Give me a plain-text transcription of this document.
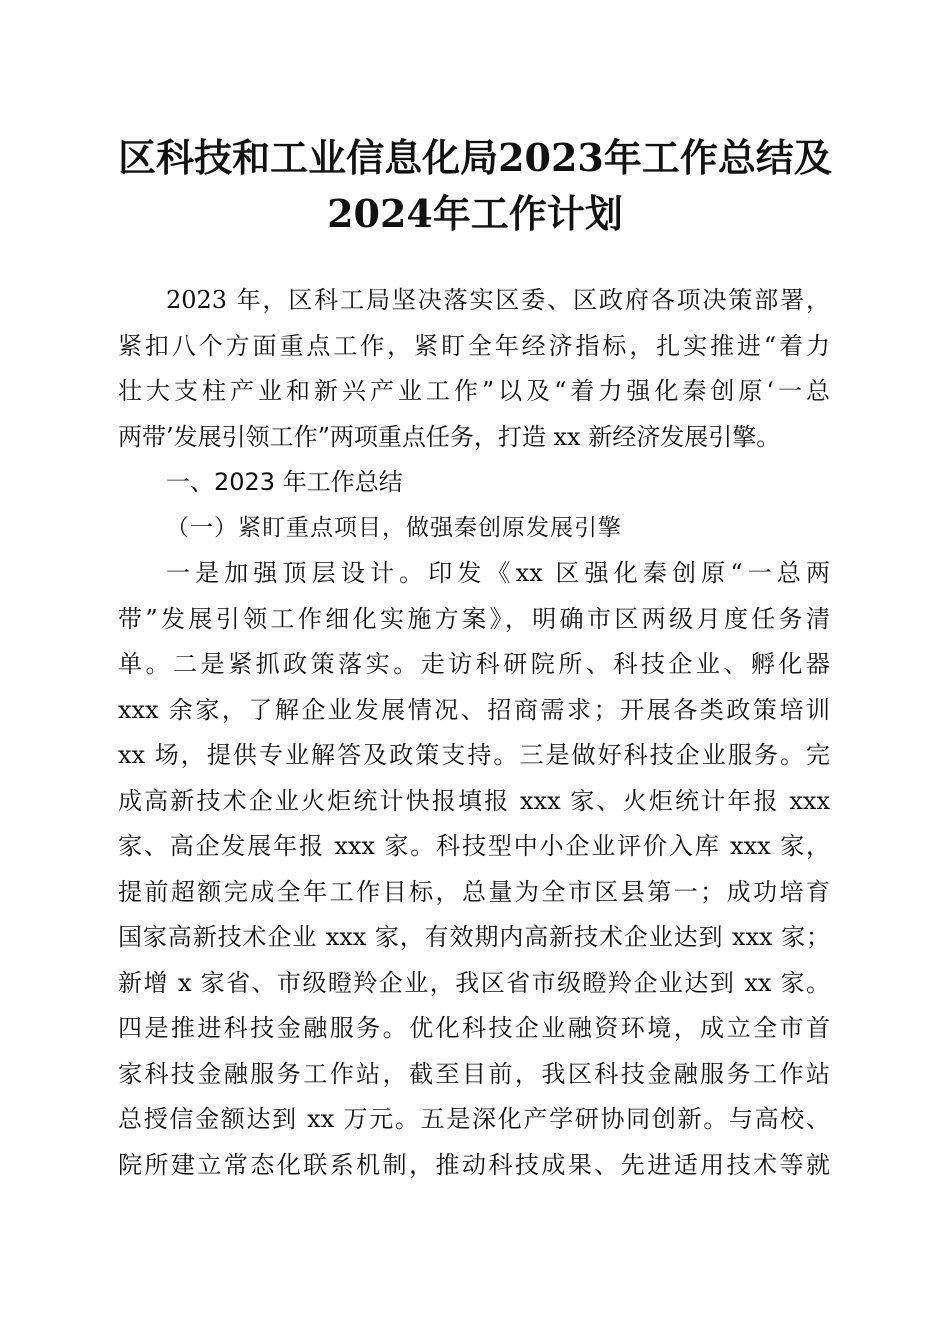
区科技和工业信息化局2023年工作总结及
2024年工作计划
2023 年，区科工局坚决落实区委、区政府各项决策部署，
紧扣八个方面重点工作，紧盯全年经济指标，扎实推进“着力
壮大支柱产业和新兴产业工作”以及“着力强化秦创原‘一总
两带’发展引领工作”两项重点任务，打造 xx 新经济发展引擎。
一、2023 年工作总结
（一）紧盯重点项目，做强秦创原发展引擎
一是加强顶层设计。印发《xx 区强化秦创原“一总两
带”发展引领工作细化实施方案》，明确市区两级月度任务清
单。二是紧抓政策落实。走访科研院所、科技企业、孵化器
xxx 余家，了解企业发展情况、招商需求；开展各类政策培训
xx 场，提供专业解答及政策支持。三是做好科技企业服务。完
成高新技术企业火炬统计快报填报 xxx 家、火炬统计年报 xxx
家、高企发展年报 xxx 家。科技型中小企业评价入库 xxx 家，
提前超额完成全年工作目标，总量为全市区县第一；成功培育
国家高新技术企业 xxx 家，有效期内高新技术企业达到 xxx 家；
新增 x 家省、市级瞪羚企业，我区省市级瞪羚企业达到 xx 家。
四是推进科技金融服务。优化科技企业融资环境，成立全市首
家科技金融服务工作站，截至目前，我区科技金融服务工作站
总授信金额达到 xx 万元。五是深化产学研协同创新。与高校、
院所建立常态化联系机制，推动科技成果、先进适用技术等就
